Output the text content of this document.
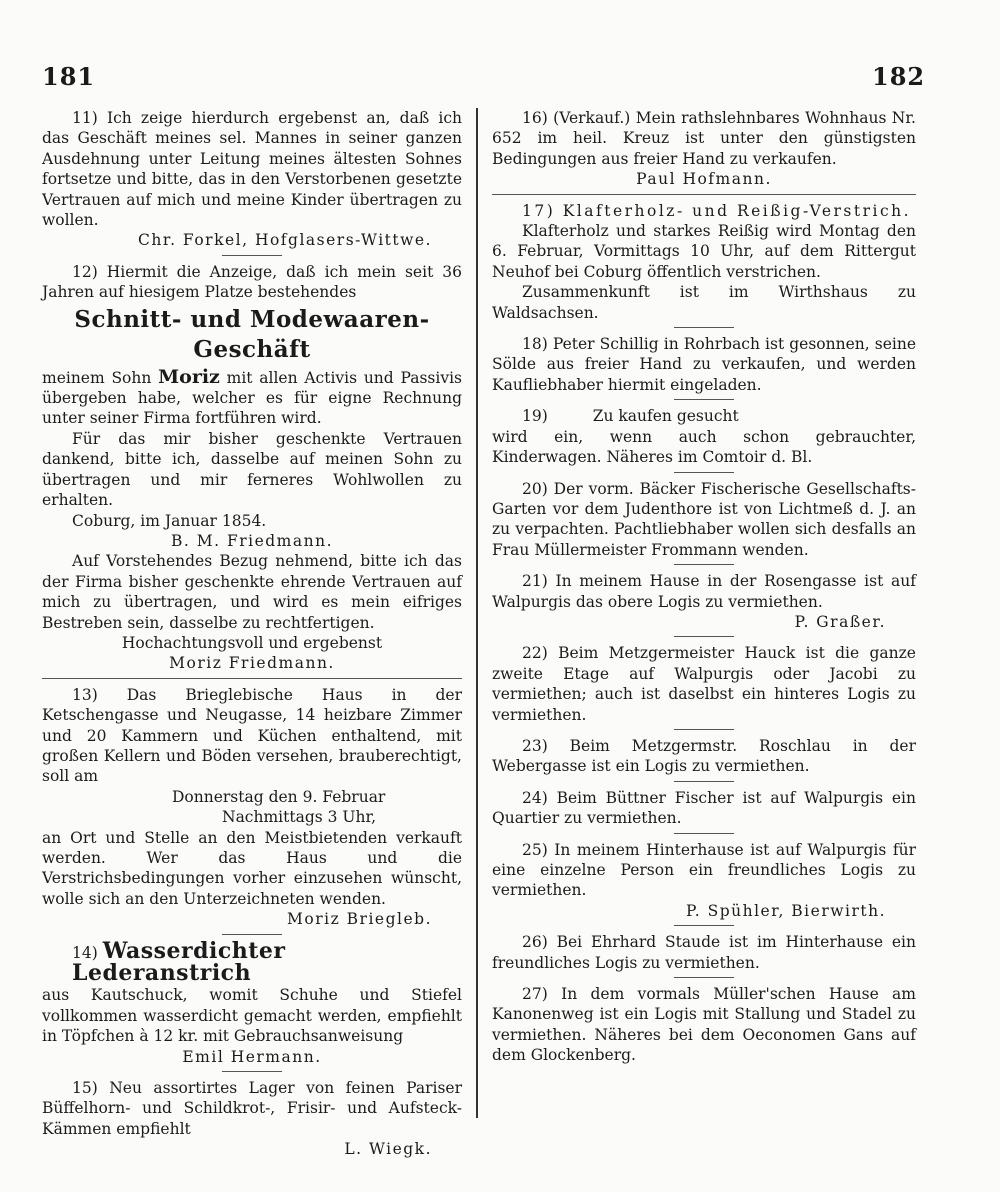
181	182

11) Ich zeige hierdurch ergebenst an, daß ich das Geschäft meines sel. Mannes in seiner ganzen Ausdehnung unter Leitung meines ältesten Sohnes fortsetze und bitte, das in den Verstorbenen gesetzte Vertrauen auf mich und meine Kinder übertragen zu wollen.

Chr. Forkel, Hofglasers-Wittwe.

12) Hiermit die Anzeige, daß ich mein seit 36 Jahren auf hiesigem Platze bestehendes

Schnitt- und Modewaaren-Geschäft

meinem Sohn Moriz mit allen Activis und Passivis übergeben habe, welcher es für eigne Rechnung unter seiner Firma fortführen wird.

Für das mir bisher geschenkte Vertrauen dankend, bitte ich, dasselbe auf meinen Sohn zu übertragen und mir ferneres Wohlwollen zu erhalten.

Coburg, im Januar 1854.

B. M. Friedmann.

Auf Vorstehendes Bezug nehmend, bitte ich das der Firma bisher geschenkte ehrende Vertrauen auf mich zu übertragen, und wird es mein eifriges Bestreben sein, dasselbe zu rechtfertigen.

Hochachtungsvoll und ergebenst
Moriz Friedmann.

13) Das Brieglebische Haus in der Ketschengasse und Neugasse, 14 heizbare Zimmer und 20 Kammern und Küchen enthaltend, mit großen Kellern und Böden versehen, brauberechtigt, soll am

Donnerstag den 9. Februar
Nachmittags 3 Uhr,

an Ort und Stelle an den Meistbietenden verkauft werden. Wer das Haus und die Verstrichsbedingungen vorher einzusehen wünscht, wolle sich an den Unterzeichneten wenden.

Moriz Briegleb.
14) Wasserdichter Lederanstrich

aus Kautschuck, womit Schuhe und Stiefel vollkommen wasserdicht gemacht werden, empfiehlt in Töpfchen à 12 kr. mit Gebrauchsanweisung

Emil Hermann.

15) Neu assortirtes Lager von feinen Pariser Büffelhorn- und Schildkrot-, Frisir- und Aufsteck-Kämmen empfiehlt

L. Wiegk.

16) (Verkauf.) Mein rathslehnbares Wohnhaus Nr. 652 im heil. Kreuz ist unter den günstigsten Bedingungen aus freier Hand zu verkaufen.

Paul Hofmann.

17) Klafterholz- und Reißig-Verstrich.

Klafterholz und starkes Reißig wird Montag den 6. Februar, Vormittags 10 Uhr, auf dem Rittergut Neuhof bei Coburg öffentlich verstrichen.

Zusammenkunft ist im Wirthshaus zu Waldsachsen.

18) Peter Schillig in Rohrbach ist gesonnen, seine Sölde aus freier Hand zu verkaufen, und werden Kaufliebhaber hiermit eingeladen.

19)	Zu kaufen gesucht

wird ein, wenn auch schon gebrauchter, Kinderwagen. Näheres im Comtoir d. Bl.

20) Der vorm. Bäcker Fischerische Gesellschafts-Garten vor dem Judenthore ist von Lichtmeß d. J. an zu verpachten. Pachtliebhaber wollen sich desfalls an Frau Müllermeister Frommann wenden.

21) In meinem Hause in der Rosengasse ist auf Walpurgis das obere Logis zu vermiethen.

P. Graßer.

22) Beim Metzgermeister Hauck ist die ganze zweite Etage auf Walpurgis oder Jacobi zu vermiethen; auch ist daselbst ein hinteres Logis zu vermiethen.

23) Beim Metzgermstr. Roschlau in der Webergasse ist ein Logis zu vermiethen.

24) Beim Büttner Fischer ist auf Walpurgis ein Quartier zu vermiethen.

25) In meinem Hinterhause ist auf Walpurgis für eine einzelne Person ein freundliches Logis zu vermiethen.

P. Spühler, Bierwirth.

26) Bei Ehrhard Staude ist im Hinterhause ein freundliches Logis zu vermiethen.

27) In dem vormals Müller'schen Hause am Kanonenweg ist ein Logis mit Stallung und Stadel zu vermiethen. Näheres bei dem Oeconomen Gans auf dem Glockenberg.
